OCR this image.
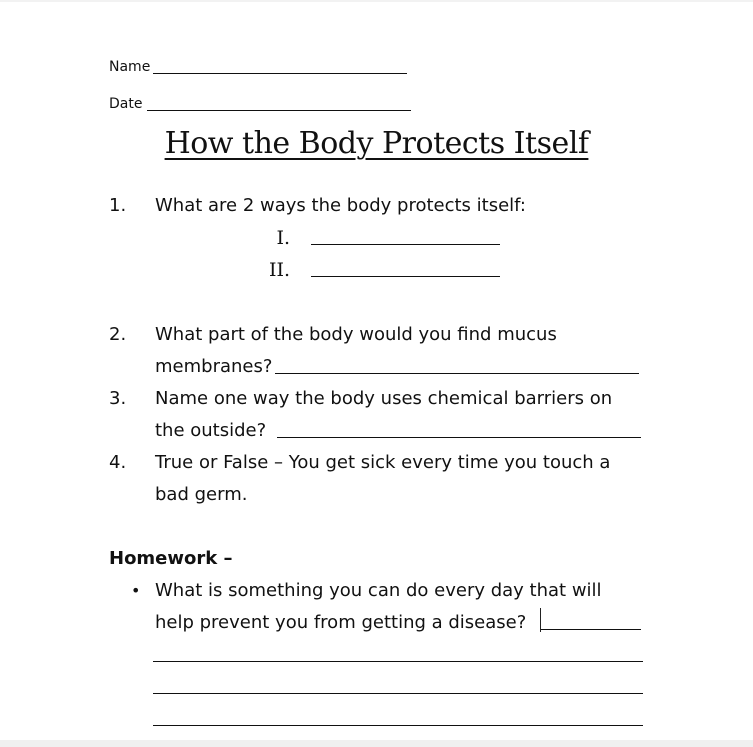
Name
Date
How the Body Protects Itself
1. What are 2 ways the body protects itself:
I.
II.
2. What part of the body would you find mucus
membranes?
3. Name one way the body uses chemical barriers on
the outside?
4. True or False – You get sick every time you touch a
bad germ.
Homework –
• What is something you can do every day that will
help prevent you from getting a disease?
